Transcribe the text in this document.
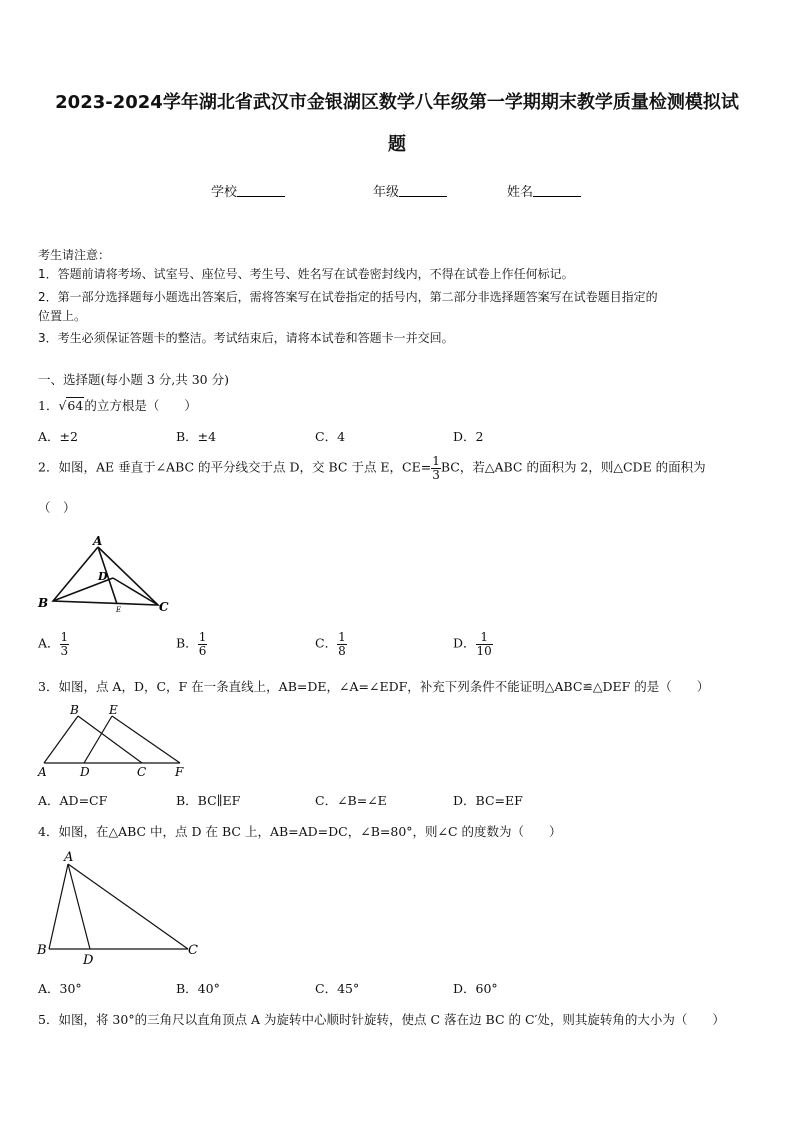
2023-2024学年湖北省武汉市金银湖区数学八年级第一学期期末教学质量检测模拟试
题
学校	年级	姓名
考生请注意：
1．答题前请将考场、试室号、座位号、考生号、姓名写在试卷密封线内，不得在试卷上作任何标记。
2．第一部分选择题每小题选出答案后，需将答案写在试卷指定的括号内，第二部分非选择题答案写在试卷题目指定的
位置上。
3．考生必须保证答题卡的整洁。考试结束后，请将本试卷和答题卡一并交回。
一、选择题(每小题 3 分,共 30 分)
1．√64的立方根是（　　）
A．±2	B．±4	C．4	D．2
2．如图，AE 垂直于∠ABC 的平分线交于点 D，交 BC 于点 E，$CE= \frac{1}{3}$ BC，若△ABC 的面积为 2，则△CDE 的面积为
（　）
A
B	C
D
E
A． $\frac{1}{3}$	B． $\frac{1}{6}$	C． $\frac{1}{8}$	D． $\frac{1}{10}$
3．如图，点 A，D，C，F 在一条直线上，AB=DE，∠A=∠EDF，补充下列条件不能证明△ABC≌△DEF 的是（　　）
B	E
A	D	C F
A．AD=CF	B．BC∥EF	C．∠B=∠E	D．BC=EF
4．如图，在△ABC 中，点 D 在 BC 上，AB=AD=DC，∠B=80°，则∠C 的度数为（　　）
A
B	C
D
A．30°	B．40°	C．45°	D．60°
5．如图，将 30°的三角尺以直角顶点 A 为旋转中心顺时针旋转，使点 C 落在边 BC 的 C′处，则其旋转角的大小为（　　）
